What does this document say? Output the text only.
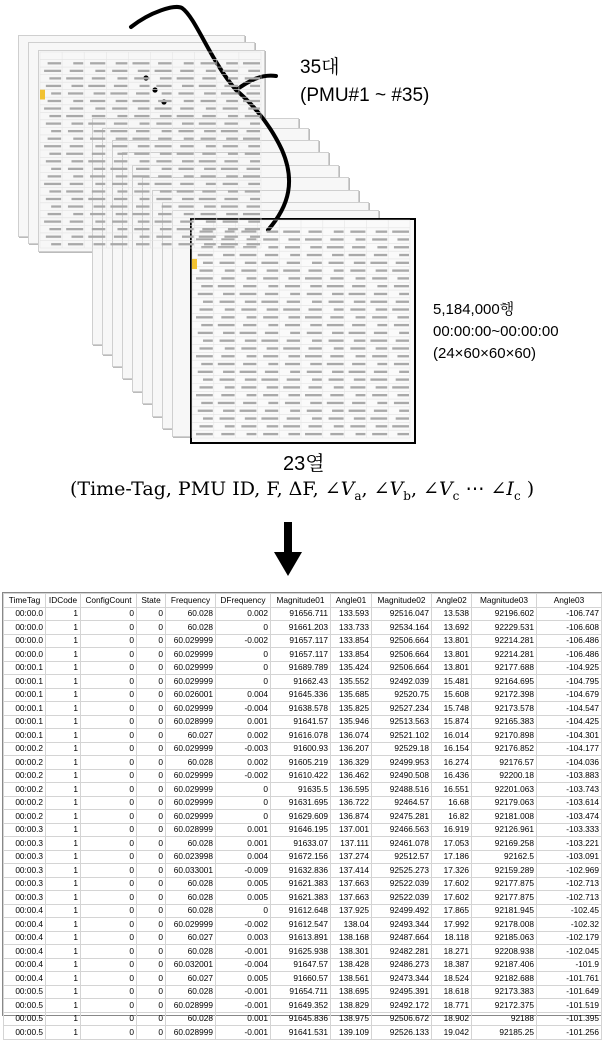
35대
(PMU#1 ~ #35)
5,184,000행
00:00:00~00:00:00
(24×60×60×60)
23열
(Time-Tag, PMU ID, F, ΔF, $\angle V_a$, $\angle V_b$, $\angle V_c$ ⋯ $\angle I_c$ )
TimeTag	IDCode	ConfigCount	State	Frequency	DFrequency	Magnitude01	Angle01	Magnitude02	Angle02	Magnitude03	Angle03
00:00.0	1	0	0	60.028	0.002	91656.711	133.593	92516.047	13.538	92196.602	-106.747
00:00.0	1	0	0	60.028	0	91661.203	133.733	92534.164	13.692	92229.531	-106.608
00:00.0	1	0	0	60.029999	-0.002	91657.117	133.854	92506.664	13.801	92214.281	-106.486
00:00.0	1	0	0	60.029999	0	91657.117	133.854	92506.664	13.801	92214.281	-106.486
00:00.1	1	0	0	60.029999	0	91689.789	135.424	92506.664	13.801	92177.688	-104.925
00:00.1	1	0	0	60.029999	0	91662.43	135.552	92492.039	15.481	92164.695	-104.795
00:00.1	1	0	0	60.026001	0.004	91645.336	135.685	92520.75	15.608	92172.398	-104.679
00:00.1	1	0	0	60.029999	-0.004	91638.578	135.825	92527.234	15.748	92173.578	-104.547
00:00.1	1	0	0	60.028999	0.001	91641.57	135.946	92513.563	15.874	92165.383	-104.425
00:00.1	1	0	0	60.027	0.002	91616.078	136.074	92521.102	16.014	92170.898	-104.301
00:00.2	1	0	0	60.029999	-0.003	91600.93	136.207	92529.18	16.154	92176.852	-104.177
00:00.2	1	0	0	60.028	0.002	91605.219	136.329	92499.953	16.274	92176.57	-104.036
00:00.2	1	0	0	60.029999	-0.002	91610.422	136.462	92490.508	16.436	92200.18	-103.883
00:00.2	1	0	0	60.029999	0	91635.5	136.595	92488.516	16.551	92201.063	-103.743
00:00.2	1	0	0	60.029999	0	91631.695	136.722	92464.57	16.68	92179.063	-103.614
00:00.2	1	0	0	60.029999	0	91629.609	136.874	92475.281	16.82	92181.008	-103.474
00:00.3	1	0	0	60.028999	0.001	91646.195	137.001	92466.563	16.919	92126.961	-103.333
00:00.3	1	0	0	60.028	0.001	91633.07	137.111	92461.078	17.053	92169.258	-103.221
00:00.3	1	0	0	60.023998	0.004	91672.156	137.274	92512.57	17.186	92162.5	-103.091
00:00.3	1	0	0	60.033001	-0.009	91632.836	137.414	92525.273	17.326	92159.289	-102.969
00:00.3	1	0	0	60.028	0.005	91621.383	137.663	92522.039	17.602	92177.875	-102.713
00:00.3	1	0	0	60.028	0.005	91621.383	137.663	92522.039	17.602	92177.875	-102.713
00:00.4	1	0	0	60.028	0	91612.648	137.925	92499.492	17.865	92181.945	-102.45
00:00.4	1	0	0	60.029999	-0.002	91612.547	138.04	92493.344	17.992	92178.008	-102.32
00:00.4	1	0	0	60.027	0.003	91613.891	138.168	92487.664	18.118	92185.063	-102.179
00:00.4	1	0	0	60.028	-0.001	91625.938	138.301	92482.281	18.271	92208.938	-102.045
00:00.4	1	0	0	60.032001	-0.004	91647.57	138.428	92486.273	18.387	92187.406	-101.9
00:00.4	1	0	0	60.027	0.005	91660.57	138.561	92473.344	18.524	92182.688	-101.761
00:00.5	1	0	0	60.028	-0.001	91654.711	138.695	92495.391	18.618	92173.383	-101.649
00:00.5	1	0	0	60.028999	-0.001	91649.352	138.829	92492.172	18.771	92172.375	-101.519
00:00.5	1	0	0	60.028	0.001	91645.836	138.975	92506.672	18.902	92188	-101.395
00:00.5	1	0	0	60.028999	-0.001	91641.531	139.109	92526.133	19.042	92185.25	-101.256
